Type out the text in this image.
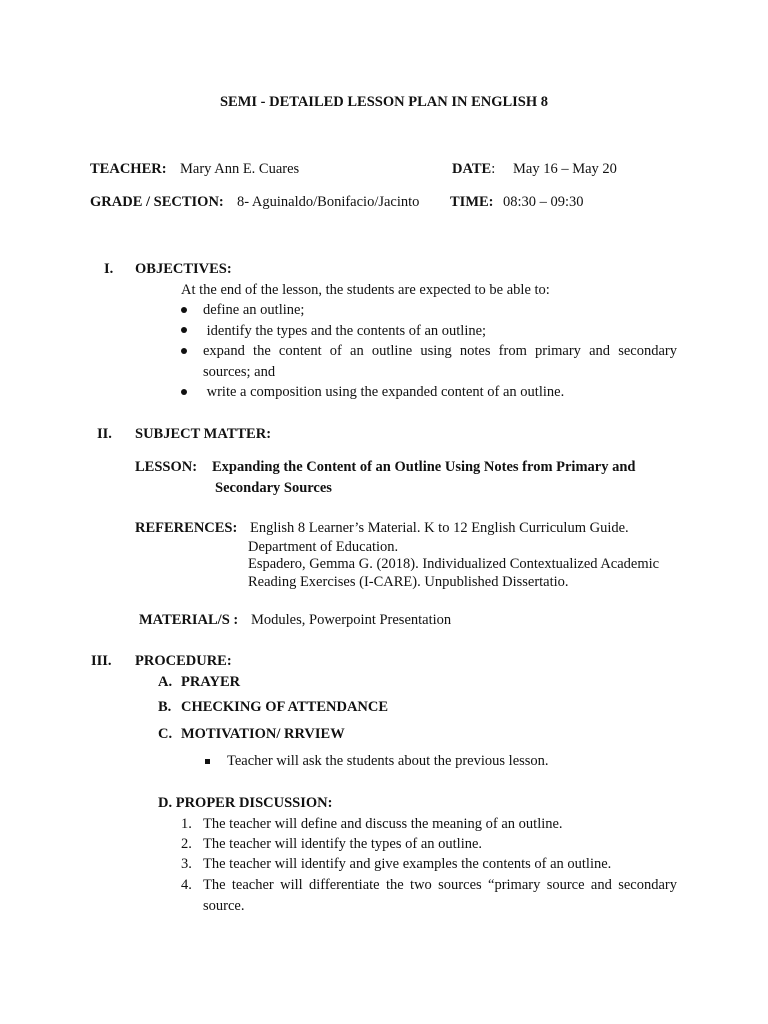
SEMI - DETAILED LESSON PLAN IN ENGLISH 8
TEACHER: Mary Ann E. Cuares	DATE: May 16 – May 20
GRADE / SECTION: 8- Aguinaldo/Bonifacio/Jacinto TIME: 08:30 – 09:30
I. OBJECTIVES:
At the end of the lesson, the students are expected to be able to:
define an outline;
identify the types and the contents of an outline;
expand the content of an outline using notes from primary and secondary
sources; and
write a composition using the expanded content of an outline.
II. SUBJECT MATTER:
LESSON: Expanding the Content of an Outline Using Notes from Primary and
Secondary Sources
REFERENCES: English 8 Learner’s Material. K to 12 English Curriculum Guide.
Department of Education.
Espadero, Gemma G. (2018). Individualized Contextualized Academic
Reading Exercises (I-CARE). Unpublished Dissertatio.
MATERIAL/S : Modules, Powerpoint Presentation
III. PROCEDURE:
A. PRAYER
B. CHECKING OF ATTENDANCE
C. MOTIVATION/ RRVIEW
Teacher will ask the students about the previous lesson.
D. PROPER DISCUSSION:
1. The teacher will define and discuss the meaning of an outline.
2. The teacher will identify the types of an outline.
3. The teacher will identify and give examples the contents of an outline.
4. The teacher will differentiate the two sources “primary source and secondary
source.
